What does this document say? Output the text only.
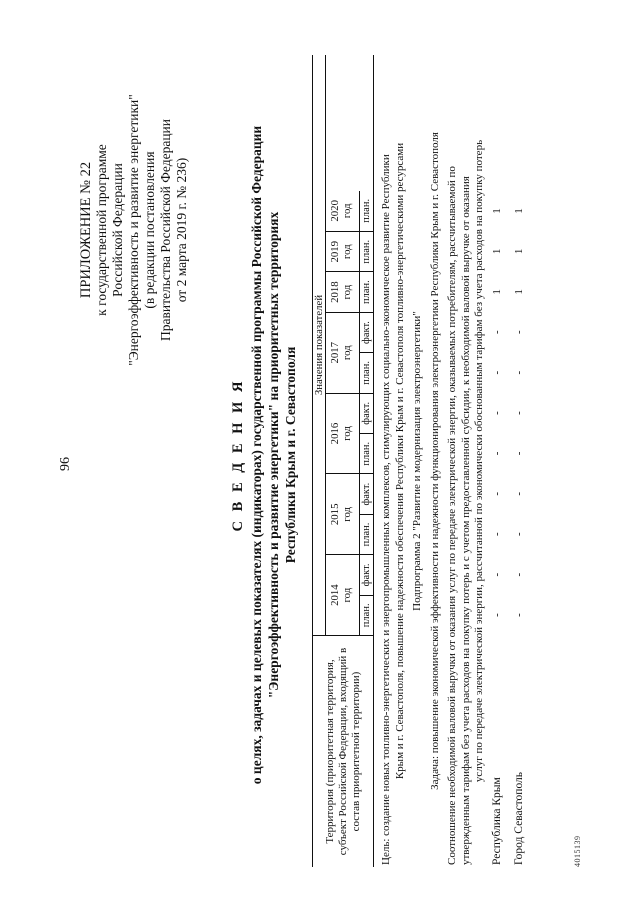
96
ПРИЛОЖЕНИЕ № 22 к государственной программе Российской Федерации "Энергоэффективность и развитие энергетики" (в редакции постановления Правительства Российской Федерации от 2 марта 2019 г. № 236)
С В Е Д Е Н И Я о целях, задачах и целевых показателях (индикаторах) государственной программы Российской Федерации "Энергоэффективность и развитие энергетики" на приоритетных территориях Республики Крым и г. Севастополя
Территория (приоритетная территория, субъект Российской Федерации, входящий в состав приоритетной территории)
Значения показателей
2014 год
план.
факт.
2015 год
план.
факт.
2016 год
план.
факт.
2017 год
план.
факт.
2018 год план.
2019 год план.
2020 год план. Цель: создание новых топливно-энергетических и энергопромышленных комплексов, стимулирующих социально-экономическое развитие Республики Крым и г. Севастополя, повышение надежности обеспечения Республики Крым и г. Севастополя топливно-энергетическими ресурсами Подпрограмма 2 "Развитие и модернизация электроэнергетики" Задача: повышение экономической эффективности и надежности функционирования электроэнергетики Республики Крым и г. Севастополя Соотношение необходимой валовой выручки от оказания услуг по передаче электрической энергии, оказываемых потребителям, рассчитываемой по утвержденным тарифам без учета расходов на покупку потерь и с учетом предоставленной субсидии, к необходимой валовой выручке от оказания услуг по передаче электрической энергии, рассчитанной по экономически обоснованным тарифам без учета расходов на покупку потерь
Республика Крым
-
-
-
-
-
-
-
-
1
1
1
Город Севастополь
-
-
-
-
-
-
-
-
1
1
1
4015139
